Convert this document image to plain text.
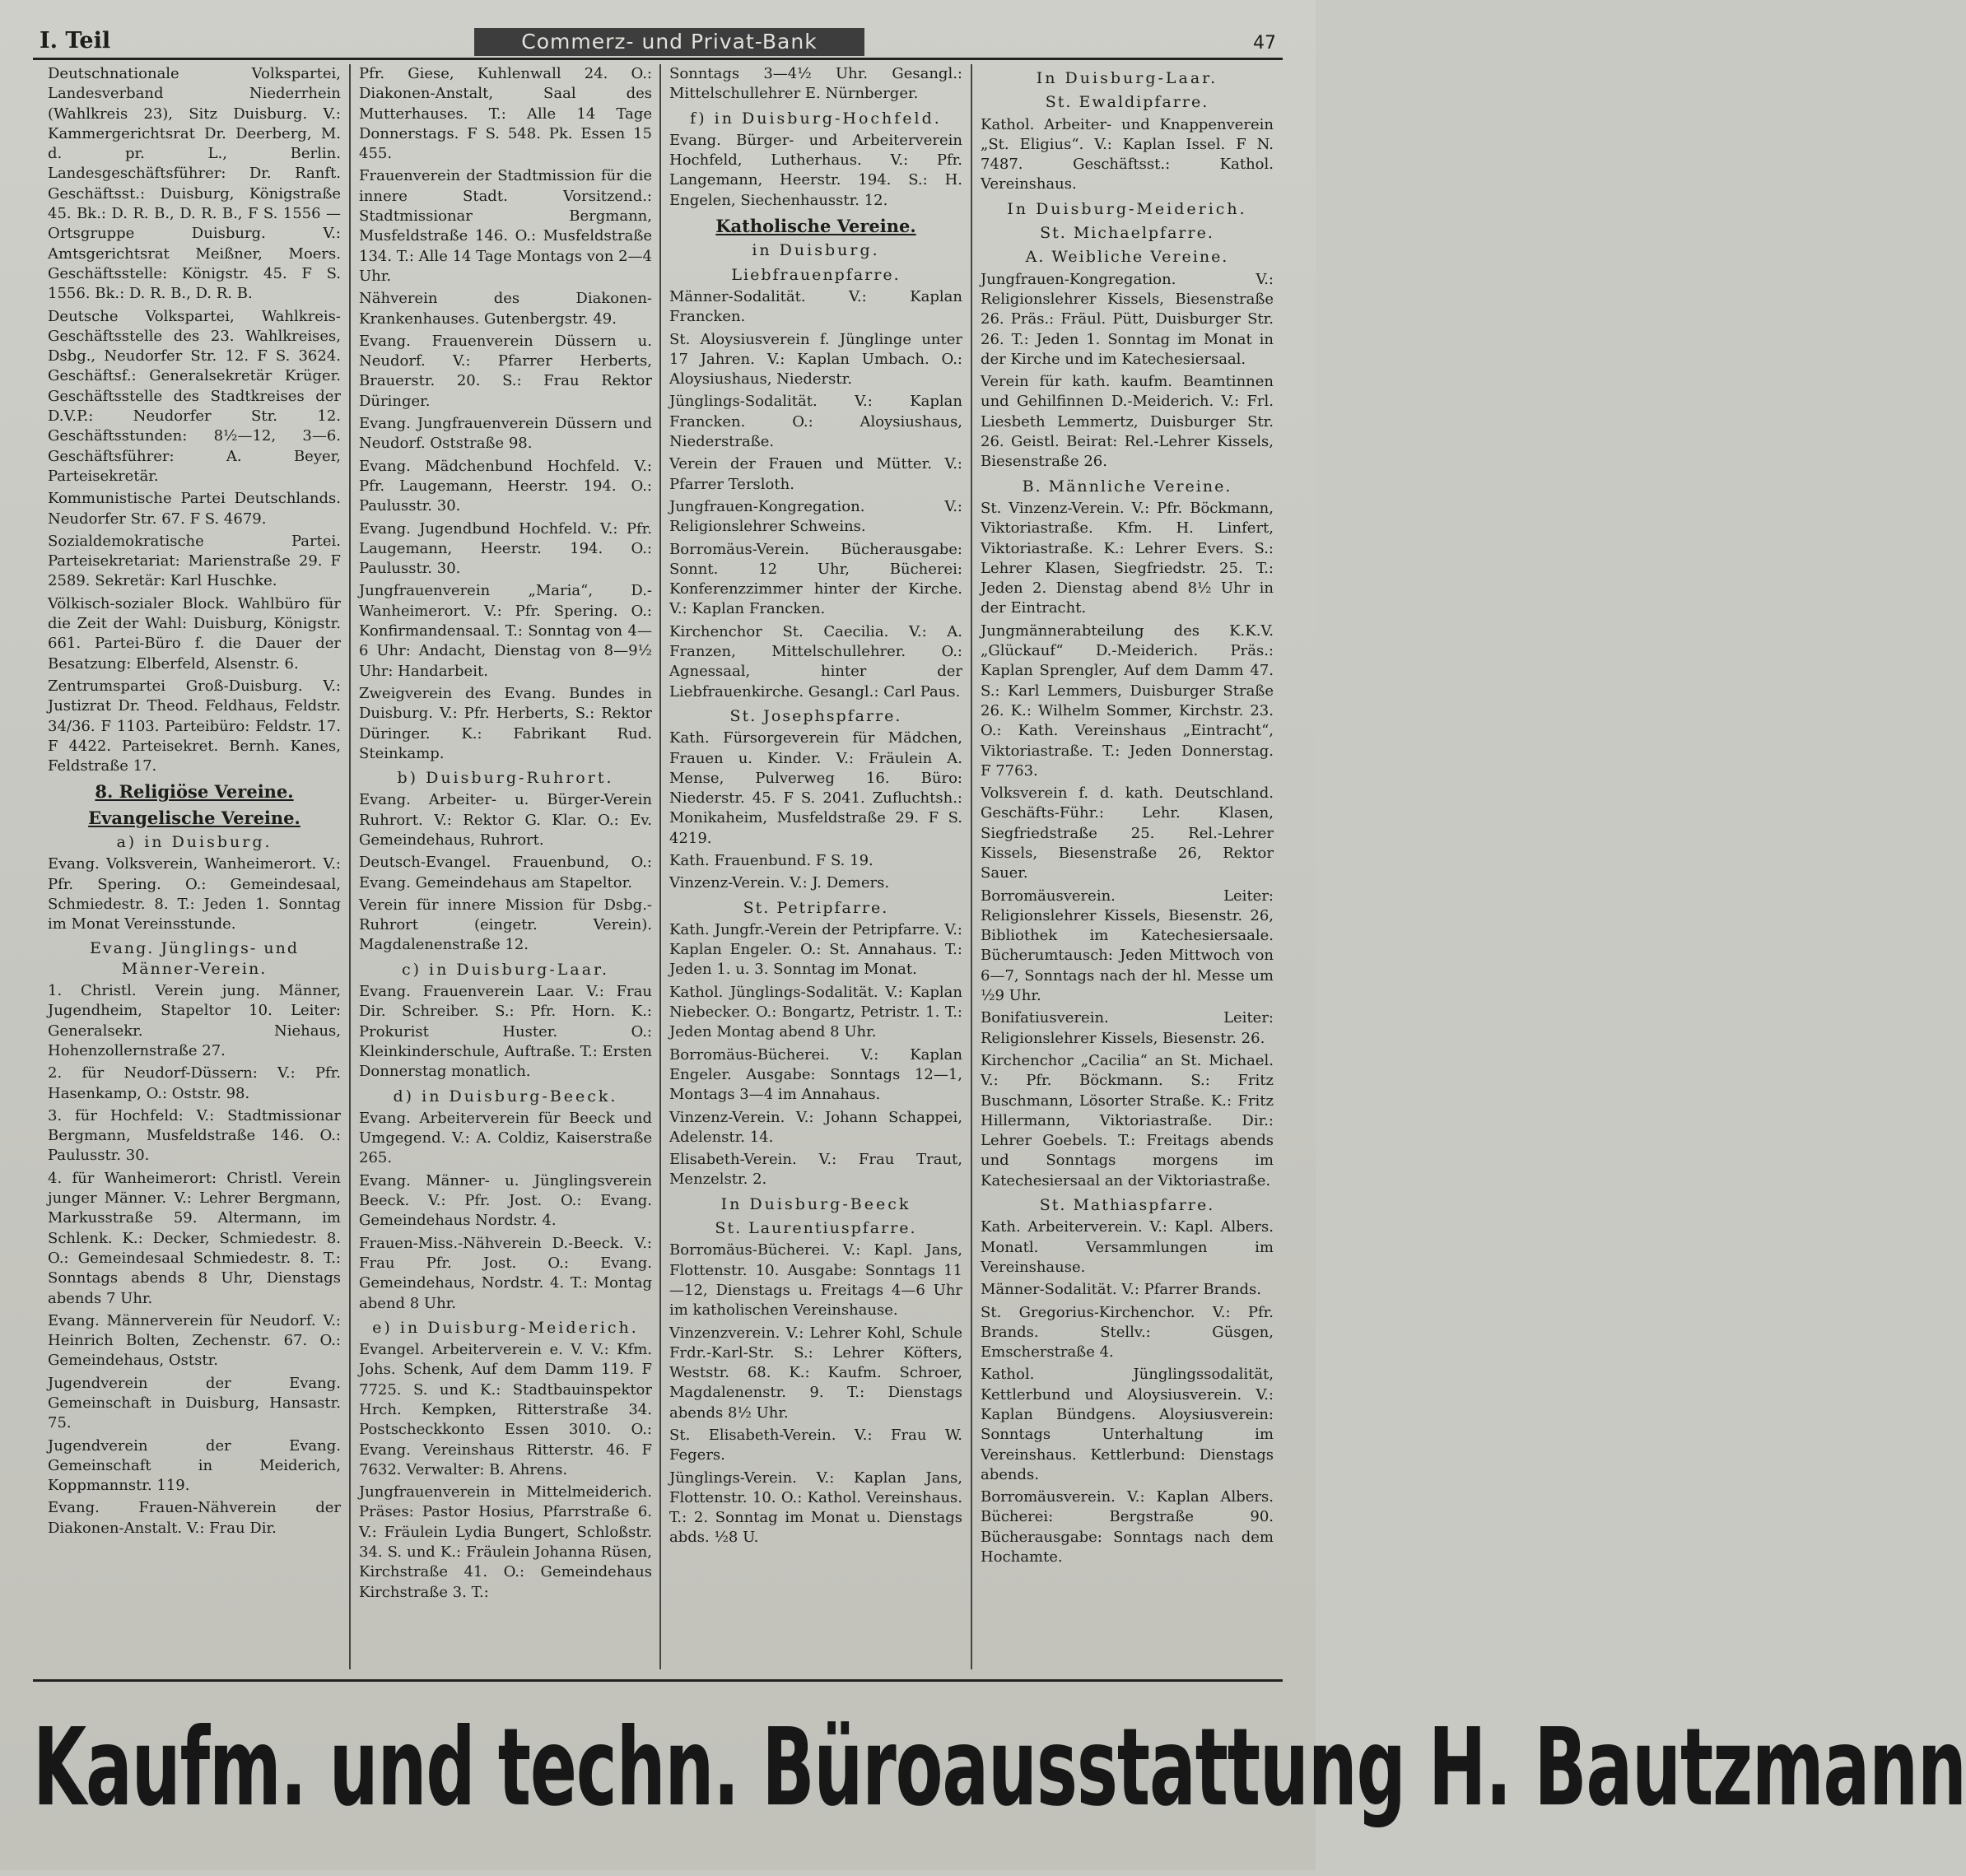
I. Teil	Commerz- und Privat-Bank	47

Deutschnationale Volkspartei, Landesverband Niederrhein (Wahlkreis 23), Sitz Duisburg. V.: Kammergerichtsrat Dr. Deerberg, M. d. pr. L., Berlin. Landesgeschäftsführer: Dr. Ranft. Geschäftsst.: Duisburg, Königstraße 45. Bk.: D. R. B., D. R. B., F S. 1556 — Ortsgruppe Duisburg. V.: Amtsgerichtsrat Meißner, Moers. Geschäftsstelle: Königstr. 45. F S. 1556. Bk.: D. R. B., D. R. B.

Deutsche Volkspartei, Wahlkreis-Geschäftsstelle des 23. Wahlkreises, Dsbg., Neudorfer Str. 12. F S. 3624. Geschäftsf.: Generalsekretär Krüger. Geschäftsstelle des Stadtkreises der D.V.P.: Neudorfer Str. 12. Geschäftsstunden: 8½—12, 3—6. Geschäftsführer: A. Beyer, Parteisekretär.

Kommunistische Partei Deutschlands. Neudorfer Str. 67. F S. 4679.

Sozialdemokratische Partei. Parteisekretariat: Marienstraße 29. F 2589. Sekretär: Karl Huschke.

Völkisch-sozialer Block. Wahlbüro für die Zeit der Wahl: Duisburg, Königstr. 661. Partei-Büro f. die Dauer der Besatzung: Elberfeld, Alsenstr. 6.

Zentrumspartei Groß-Duisburg. V.: Justizrat Dr. Theod. Feldhaus, Feldstr. 34/36. F 1103. Parteibüro: Feldstr. 17. F 4422. Parteisekret. Bernh. Kanes, Feldstraße 17.

8. Religiöse Vereine.
Evangelische Vereine.
a) in Duisburg.

Evang. Volksverein, Wanheimerort. V.: Pfr. Spering. O.: Gemeindesaal, Schmiedestr. 8. T.: Jeden 1. Sonntag im Monat Vereinsstunde.

Evang. Jünglings- und Männer-Verein.

1. Christl. Verein jung. Männer, Jugendheim, Stapeltor 10. Leiter: Generalsekr. Niehaus, Hohenzollernstraße 27.

2. für Neudorf-Düssern: V.: Pfr. Hasenkamp, O.: Oststr. 98.

3. für Hochfeld: V.: Stadtmissionar Bergmann, Musfeldstraße 146. O.: Paulusstr. 30.

4. für Wanheimerort: Christl. Verein junger Männer. V.: Lehrer Bergmann, Markusstraße 59. Altermann, im Schlenk. K.: Decker, Schmiedestr. 8. O.: Gemeindesaal Schmiedestr. 8. T.: Sonntags abends 8 Uhr, Dienstags abends 7 Uhr.

Evang. Männerverein für Neudorf. V.: Heinrich Bolten, Zechenstr. 67. O.: Gemeindehaus, Oststr.

Jugendverein der Evang. Gemeinschaft in Duisburg, Hansastr. 75.

Jugendverein der Evang. Gemeinschaft in Meiderich, Koppmannstr. 119.

Evang. Frauen-Nähverein der Diakonen-Anstalt. V.: Frau Dir.

Pfr. Giese, Kuhlenwall 24. O.: Diakonen-Anstalt, Saal des Mutterhauses. T.: Alle 14 Tage Donnerstags. F S. 548. Pk. Essen 15 455.

Frauenverein der Stadtmission für die innere Stadt. Vorsitzend.: Stadtmissionar Bergmann, Musfeldstraße 146. O.: Musfeldstraße 134. T.: Alle 14 Tage Montags von 2—4 Uhr.

Nähverein des Diakonen-Krankenhauses. Gutenbergstr. 49.

Evang. Frauenverein Düssern u. Neudorf. V.: Pfarrer Herberts, Brauerstr. 20. S.: Frau Rektor Düringer.

Evang. Jungfrauenverein Düssern und Neudorf. Oststraße 98.

Evang. Mädchenbund Hochfeld. V.: Pfr. Laugemann, Heerstr. 194. O.: Paulusstr. 30.

Evang. Jugendbund Hochfeld. V.: Pfr. Laugemann, Heerstr. 194. O.: Paulusstr. 30.

Jungfrauenverein „Maria“, D.-Wanheimerort. V.: Pfr. Spering. O.: Konfirmandensaal. T.: Sonntag von 4—6 Uhr: Andacht, Dienstag von 8—9½ Uhr: Handarbeit.

Zweigverein des Evang. Bundes in Duisburg. V.: Pfr. Herberts, S.: Rektor Düringer. K.: Fabrikant Rud. Steinkamp.

b) Duisburg-Ruhrort.

Evang. Arbeiter- u. Bürger-Verein Ruhrort. V.: Rektor G. Klar. O.: Ev. Gemeindehaus, Ruhrort.

Deutsch-Evangel. Frauenbund, O.: Evang. Gemeindehaus am Stapeltor.

Verein für innere Mission für Dsbg.-Ruhrort (eingetr. Verein). Magdalenenstraße 12.

c) in Duisburg-Laar.

Evang. Frauenverein Laar. V.: Frau Dir. Schreiber. S.: Pfr. Horn. K.: Prokurist Huster. O.: Kleinkinderschule, Auftraße. T.: Ersten Donnerstag monatlich.

d) in Duisburg-Beeck.

Evang. Arbeiterverein für Beeck und Umgegend. V.: A. Coldiz, Kaiserstraße 265.

Evang. Männer- u. Jünglingsverein Beeck. V.: Pfr. Jost. O.: Evang. Gemeindehaus Nordstr. 4.

Frauen-Miss.-Nähverein D.-Beeck. V.: Frau Pfr. Jost. O.: Evang. Gemeindehaus, Nordstr. 4. T.: Montag abend 8 Uhr.

e) in Duisburg-Meiderich.

Evangel. Arbeiterverein e. V. V.: Kfm. Johs. Schenk, Auf dem Damm 119. F 7725. S. und K.: Stadtbauinspektor Hrch. Kempken, Ritterstraße 34. Postscheckkonto Essen 3010. O.: Evang. Vereinshaus Ritterstr. 46. F 7632. Verwalter: B. Ahrens.

Jungfrauenverein in Mittelmeiderich. Präses: Pastor Hosius, Pfarrstraße 6. V.: Fräulein Lydia Bungert, Schloßstr. 34. S. und K.: Fräulein Johanna Rüsen, Kirchstraße 41. O.: Gemeindehaus Kirchstraße 3. T.:

Sonntags 3—4½ Uhr. Gesangl.: Mittelschullehrer E. Nürnberger.

f) in Duisburg-Hochfeld.

Evang. Bürger- und Arbeiterverein Hochfeld, Lutherhaus. V.: Pfr. Langemann, Heerstr. 194. S.: H. Engelen, Siechenhausstr. 12.

Katholische Vereine.
in Duisburg.
Liebfrauenpfarre.

Männer-Sodalität. V.: Kaplan Francken.

St. Aloysiusverein f. Jünglinge unter 17 Jahren. V.: Kaplan Umbach. O.: Aloysiushaus, Niederstr.

Jünglings-Sodalität. V.: Kaplan Francken. O.: Aloysiushaus, Niederstraße.

Verein der Frauen und Mütter. V.: Pfarrer Tersloth.

Jungfrauen-Kongregation. V.: Religionslehrer Schweins.

Borromäus-Verein. Bücherausgabe: Sonnt. 12 Uhr, Bücherei: Konferenzzimmer hinter der Kirche. V.: Kaplan Francken.

Kirchenchor St. Caecilia. V.: A. Franzen, Mittelschullehrer. O.: Agnessaal, hinter der Liebfrauenkirche. Gesangl.: Carl Paus.

St. Josephspfarre.

Kath. Fürsorgeverein für Mädchen, Frauen u. Kinder. V.: Fräulein A. Mense, Pulverweg 16. Büro: Niederstr. 45. F S. 2041. Zufluchtsh.: Monikaheim, Musfeldstraße 29. F S. 4219.

Kath. Frauenbund. F S. 19.

Vinzenz-Verein. V.: J. Demers.

St. Petripfarre.

Kath. Jungfr.-Verein der Petripfarre. V.: Kaplan Engeler. O.: St. Annahaus. T.: Jeden 1. u. 3. Sonntag im Monat.

Kathol. Jünglings-Sodalität. V.: Kaplan Niebecker. O.: Bongartz, Petristr. 1. T.: Jeden Montag abend 8 Uhr.

Borromäus-Bücherei. V.: Kaplan Engeler. Ausgabe: Sonntags 12—1, Montags 3—4 im Annahaus.

Vinzenz-Verein. V.: Johann Schappei, Adelenstr. 14.

Elisabeth-Verein. V.: Frau Traut, Menzelstr. 2.

In Duisburg-Beeck
St. Laurentiuspfarre.

Borromäus-Bücherei. V.: Kapl. Jans, Flottenstr. 10. Ausgabe: Sonntags 11—12, Dienstags u. Freitags 4—6 Uhr im katholischen Vereinshause.

Vinzenzverein. V.: Lehrer Kohl, Schule Frdr.-Karl-Str. S.: Lehrer Köfters, Weststr. 68. K.: Kaufm. Schroer, Magdalenenstr. 9. T.: Dienstags abends 8½ Uhr.

St. Elisabeth-Verein. V.: Frau W. Fegers.

Jünglings-Verein. V.: Kaplan Jans, Flottenstr. 10. O.: Kathol. Vereinshaus. T.: 2. Sonntag im Monat u. Dienstags abds. ½8 U.

In Duisburg-Laar.
St. Ewaldipfarre.

Kathol. Arbeiter- und Knappenverein „St. Eligius“. V.: Kaplan Issel. F N. 7487. Geschäftsst.: Kathol. Vereinshaus.

In Duisburg-Meiderich.
St. Michaelpfarre.
A. Weibliche Vereine.

Jungfrauen-Kongregation. V.: Religionslehrer Kissels, Biesenstraße 26. Präs.: Fräul. Pütt, Duisburger Str. 26. T.: Jeden 1. Sonntag im Monat in der Kirche und im Katechesiersaal.

Verein für kath. kaufm. Beamtinnen und Gehilfinnen D.-Meiderich. V.: Frl. Liesbeth Lemmertz, Duisburger Str. 26. Geistl. Beirat: Rel.-Lehrer Kissels, Biesenstraße 26.

B. Männliche Vereine.

St. Vinzenz-Verein. V.: Pfr. Böckmann, Viktoriastraße. Kfm. H. Linfert, Viktoriastraße. K.: Lehrer Evers. S.: Lehrer Klasen, Siegfriedstr. 25. T.: Jeden 2. Dienstag abend 8½ Uhr in der Eintracht.

Jungmännerabteilung des K.K.V. „Glückauf“ D.-Meiderich. Präs.: Kaplan Sprengler, Auf dem Damm 47. S.: Karl Lemmers, Duisburger Straße 26. K.: Wilhelm Sommer, Kirchstr. 23. O.: Kath. Vereinshaus „Eintracht“, Viktoriastraße. T.: Jeden Donnerstag. F 7763.

Volksverein f. d. kath. Deutschland. Geschäfts-Führ.: Lehr. Klasen, Siegfriedstraße 25. Rel.-Lehrer Kissels, Biesenstraße 26, Rektor Sauer.

Borromäusverein. Leiter: Religionslehrer Kissels, Biesenstr. 26, Bibliothek im Katechesiersaale. Bücherumtausch: Jeden Mittwoch von 6—7, Sonntags nach der hl. Messe um ½9 Uhr.

Bonifatiusverein. Leiter: Religionslehrer Kissels, Biesenstr. 26.

Kirchenchor „Cacilia“ an St. Michael. V.: Pfr. Böckmann. S.: Fritz Buschmann, Lösorter Straße. K.: Fritz Hillermann, Viktoriastraße. Dir.: Lehrer Goebels. T.: Freitags abends und Sonntags morgens im Katechesiersaal an der Viktoriastraße.

St. Mathiaspfarre.

Kath. Arbeiterverein. V.: Kapl. Albers. Monatl. Versammlungen im Vereinshause.

Männer-Sodalität. V.: Pfarrer Brands.

St. Gregorius-Kirchenchor. V.: Pfr. Brands. Stellv.: Güsgen, Emscherstraße 4.

Kathol. Jünglingssodalität, Kettlerbund und Aloysiusverein. V.: Kaplan Bündgens. Aloysiusverein: Sonntags Unterhaltung im Vereinshaus. Kettlerbund: Dienstags abends.

Borromäusverein. V.: Kaplan Albers. Bücherei: Bergstraße 90. Bücherausgabe: Sonntags nach dem Hochamte.

Kaufm. und techn. Büroausstattung H. Bautzmann
